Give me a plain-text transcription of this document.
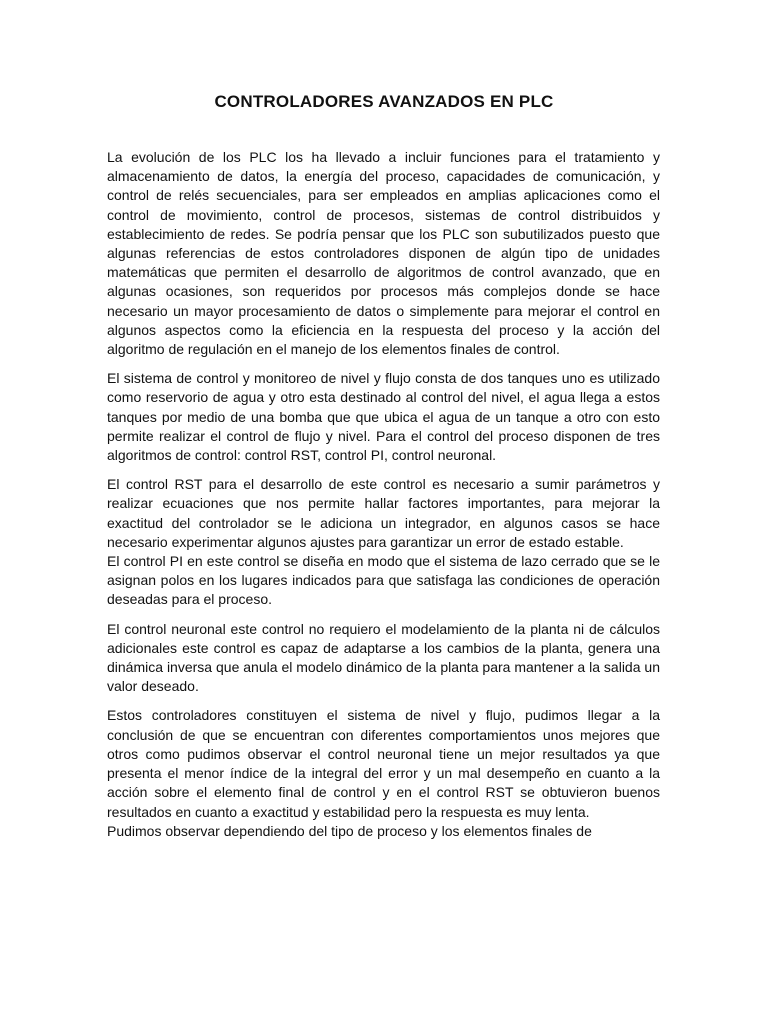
CONTROLADORES AVANZADOS EN PLC

La evolución de los PLC los ha llevado a incluir funciones para el tratamiento y almacenamiento de datos, la energía del proceso, capacidades de comunicación, y control de relés secuenciales, para ser empleados en amplias aplicaciones como el control de movimiento, control de procesos, sistemas de control distribuidos y establecimiento de redes. Se podría pensar que los PLC son subutilizados puesto que algunas referencias de estos controladores disponen de algún tipo de unidades matemáticas que permiten el desarrollo de algoritmos de control avanzado, que en algunas ocasiones, son requeridos por procesos más complejos donde se hace necesario un mayor procesamiento de datos o simplemente para mejorar el control en algunos aspectos como la eficiencia en la respuesta del proceso y la acción del algoritmo de regulación en el manejo de los elementos finales de control.

El sistema de control y monitoreo de nivel y flujo consta de dos tanques uno es utilizado como reservorio de agua y otro esta destinado al control del nivel, el agua llega a estos tanques por medio de una bomba que que ubica el agua de un tanque a otro con esto permite realizar el control de flujo y nivel. Para el control del proceso disponen de tres algoritmos de control: control RST, control PI, control neuronal.

El control RST para el desarrollo de este control es necesario a sumir parámetros y realizar ecuaciones que nos permite hallar factores importantes, para mejorar la exactitud del controlador se le adiciona un integrador, en algunos casos se hace necesario experimentar algunos ajustes para garantizar un error de estado estable.

El control PI en este control se diseña en modo que el sistema de lazo cerrado que se le asignan polos en los lugares indicados para que satisfaga las condiciones de operación deseadas para el proceso.

El control neuronal este control no requiero el modelamiento de la planta ni de cálculos adicionales este control es capaz de adaptarse a los cambios de la planta, genera una dinámica inversa que anula el modelo dinámico de la planta para mantener a la salida un valor deseado.

Estos controladores constituyen el sistema de nivel y flujo, pudimos llegar a la conclusión de que se encuentran con diferentes comportamientos unos mejores que otros como pudimos observar el control neuronal tiene un mejor resultados ya que presenta el menor índice de la integral del error y un mal desempeño en cuanto a la acción sobre el elemento final de control y en el control RST se obtuvieron buenos resultados en cuanto a exactitud y estabilidad pero la respuesta es muy lenta.

Pudimos observar dependiendo del tipo de proceso y los elementos finales de
